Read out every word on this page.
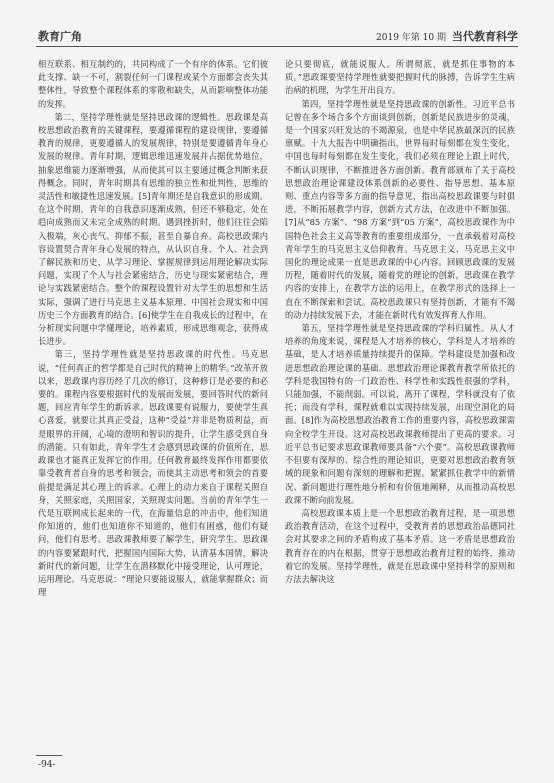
教育广角	2019 年第 10 期 当代教育科学

相互联系、相互制约的，共同构成了一个有序的体系。它们彼此支撑、缺一不可，割裂任何一门课程或某个方面都会丧失其整体性，导致整个课程体系的零散和缺失，从而影响整体功能的发挥。

第二，坚持学理性就是坚持思政课的逻辑性。思政课是高校思想政治教育的关键课程，要遵循课程的建设规律，要遵循教育的规律，更要遵循人的发展规律，特别是要遵循青年身心发展的规律。青年时期，逻辑思维迅速发展并占据优势地位，抽象思维能力逐渐增强，从而使其可以主要通过概念判断来获得概念。同时，青年时期具有思维的独立性和批判性，思维的灵活性和敏捷性迅速发展。[5]青年期还是自我意识的形成期。在这个时期，青年的自我意识逐渐成熟，但还不够稳定，处在趋向成熟而又未完全成熟的时期。遇到挫折时，他们往往会陷入极端，灰心丧气、抑郁不振，甚至自暴自弃。高校思政课内容设置契合青年身心发展的特点，从认识自身、个人、社会到了解民族和历史，从学习理论、掌握规律到运用理论解决实际问题，实现了个人与社会紧密结合，历史与现实紧密结合，理论与实践紧密结合。整个的课程设置针对大学生的思想和生活实际，强调了进行马克思主义基本原理、中国社会现实和中国历史三个方面教育的结合。[6]使学生在自我成长的过程中，在分析现实问题中学懂理论，培养素质，形成思维观念，获得成长进步。

第三，坚持学理性就是坚持思政课的时代性。马克思说，“任何真正的哲学都是自己时代的精神上的精华。”改革开放以来，思政课内容历经了几次的修订，这种修订是必要的和必要的。课程内容要根据时代的发展而发展，要回答时代的新问题，回应青年学生的新诉求。思政课要有说服力，要使学生真心喜爱，就要让其真正受益，这种“受益”并非是物质利益，而是眼界的开阔，心境的澄明和智识的提升，让学生感受到自身的潜能。只有如此，青年学生才会感到思政课的价值所在，思政课也才能真正发挥它的作用。任何教育最终发挥作用都要依靠受教育者自身的思考和领会，而使其主动思考和领会的首要前提是满足其心理上的诉求。心理上的动力来自于课程关照自身，关照家庭，关照国家，关照现实问题。当前的青年学生一代是互联网成长起来的一代，在海量信息的冲击中，他们知道你知道的，他们也知道你不知道的，他们有困惑，他们有疑问，他们有思考。思政课教师要了解学生，研究学生。思政课的内容要紧跟时代，把握国内国际大势，认清基本国情，解决新时代的新问题，让学生在潜移默化中接受理论，认可理论，运用理论。马克思说：“理论只要能说服人，就能掌握群众；而理

论只要彻底，就能说服人。所谓彻底，就是抓住事物的本质。”思政课要坚持学理性就要把握时代的脉搏，告诉学生生病治病的机理，为学生开出良方。

第四，坚持学理性就是坚持思政课的创新性。习近平总书记曾在多个场合多个方面谈到创新，创新是民族进步的灵魂，是一个国家兴旺发达的不竭源泉，也是中华民族最深沉的民族禀赋。十九大报告中明确指出，世界每时每刻都在发生变化，中国也每时每刻都在发生变化，我们必须在理论上跟上时代，不断认识规律，不断推进各方面创新。教育部颁布了关于高校思想政治理论课建设体系创新的必要性、指导思想、基本原则、重点内容等多方面的指导意见，指出高校思政课要与时俱进，不断拓展教学内容，创新方式方法，在改进中不断加强。[7]从“85 方案”、“98 方案”到“05 方案”，高校思政课作为中国特色社会主义高等教育的重要组成部分，一直承载着对高校青年学生的马克思主义信仰教育。马克思主义、马克思主义中国化的理论成果一直是思政课的中心内容。回顾思政课的发展历程，随着时代的发展，随着党的理论的创新，思政课在教学内容的安排上，在教学方法的运用上，在教学形式的选择上一直在不断探索和尝试。高校思政课只有坚持创新，才能有不竭的动力持续发展下去，才能在新时代有效发挥育人作用。

第五，坚持学理性就是坚持思政课的学科归属性。从人才培养的角度来说，课程是人才培养的核心，学科是人才培养的基础，是人才培养质量持续提升的保障。学科建设是加强和改进思想政治理论课的基础。思想政治理论课教育教学所依托的学科是我国特有的一门政治性、科学性和实践性很强的学科，只能加强，不能削弱。可以说，离开了课程，学科就没有了依托；而没有学科，课程就难以实现持续发展，出现空洞化的局面。[8]作为高校思想政治教育工作的重要内容，高校思政课需向全校学生开设。这对高校思政课教师提出了更高的要求。习近平总书记要求思政课教师要具备“六个要”。高校思政课教师不但要有深厚的、综合性的理论知识，更要对思想政治教育领域的现象和问题有深刻的理解和把握。紧紧抓住教学中的新情况、新问题进行理性地分析和有价值地阐释，从而推动高校思政课不断向前发展。

高校思政课本质上是一个思想政治教育过程，是一项思想政治教育活动，在这个过程中，受教育者的思想政治品德同社会对其要求之间的矛盾构成了基本矛盾。这一矛盾是思想政治教育存在的内在根据，贯穿于思想政治教育过程的始终，推动着它的发展。坚持学理性，就是在思政课中坚持科学的原则和方法去解决这

-94-
